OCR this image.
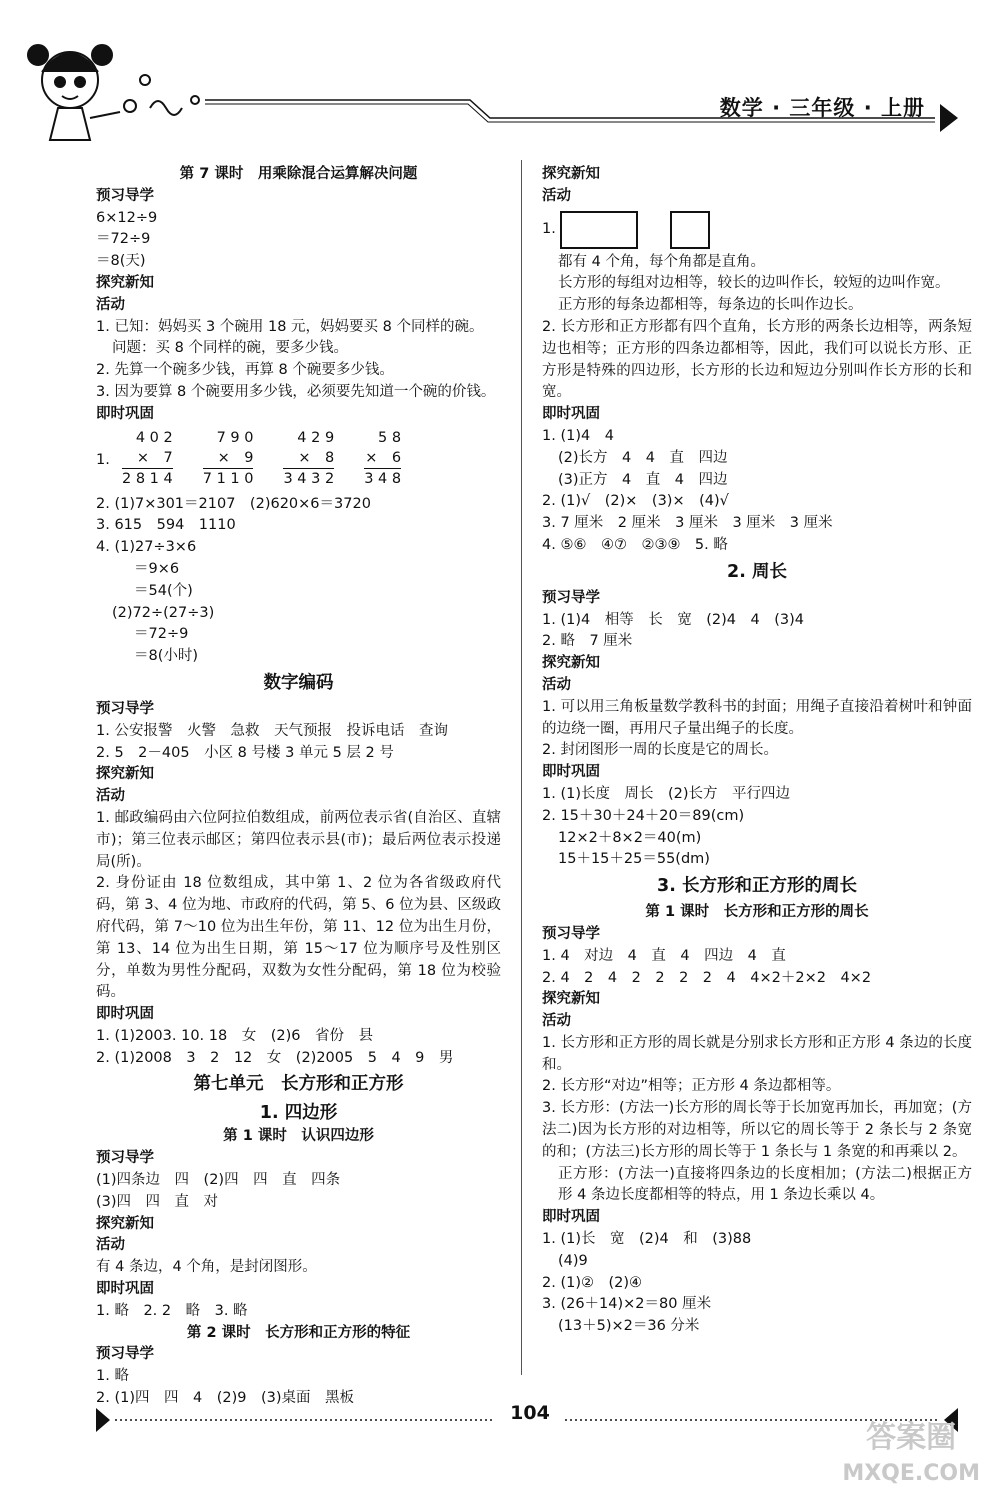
数学 · 三年级 · 上册
第 7 课时　用乘除混合运算解决问题
预习导学
6×12÷9
＝72÷9
＝8(天)
探究新知
活动
1. 已知：妈妈买 3 个碗用 18 元，妈妈要买 8 个同样的碗。
问题：买 8 个同样的碗，要多少钱。
2. 先算一个碗多少钱，再算 8 个碗要多少钱。
3. 因为要算 8 个碗要用多少钱，必须要先知道一个碗的价钱。
即时巩固
1.
4 0 2
×　7
2 8 1 4
7 9 0
×　9
7 1 1 0
4 2 9
×　8
3 4 3 2
5 8
×　6
3 4 8
2. (1)7×301＝2107　(2)620×6＝3720
3. 615　594　1110
4. (1)27÷3×6
＝9×6
＝54(个)
(2)72÷(27÷3)
＝72÷9
＝8(小时)
数字编码
预习导学
1. 公安报警　火警　急救　天气预报　投诉电话　查询
2. 5　2－405　小区 8 号楼 3 单元 5 层 2 号
探究新知
活动
1. 邮政编码由六位阿拉伯数组成，前两位表示省(自治区、直辖市)；第三位表示邮区；第四位表示县(市)；最后两位表示投递局(所)。
2. 身份证由 18 位数组成，其中第 1、2 位为各省级政府代码，第 3、4 位为地、市政府的代码，第 5、6 位为县、区级政府代码，第 7～10 位为出生年份，第 11、12 位为出生月份，第 13、14 位为出生日期，第 15～17 位为顺序号及性别区分，单数为男性分配码，双数为女性分配码，第 18 位为校验码。
即时巩固
1. (1)2003. 10. 18　女　(2)6　省份　县
2. (1)2008　3　2　12　女　(2)2005　5　4　9　男
第七单元　长方形和正方形
1. 四边形
第 1 课时　认识四边形
预习导学
(1)四条边　四　(2)四　四　直　四条
(3)四　四　直　对
探究新知
活动
有 4 条边，4 个角，是封闭图形。
即时巩固
1. 略　2. 2　略　3. 略
第 2 课时　长方形和正方形的特征
预习导学
1. 略
2. (1)四　四　4　(2)9　(3)桌面　黑板
探究新知
活动
1.
都有 4 个角，每个角都是直角。
长方形的每组对边相等，较长的边叫作长，较短的边叫作宽。
正方形的每条边都相等，每条边的长叫作边长。
2. 长方形和正方形都有四个直角，长方形的两条长边相等，两条短边也相等；正方形的四条边都相等，因此，我们可以说长方形、正方形是特殊的四边形，长方形的长边和短边分别叫作长方形的长和宽。
即时巩固
1. (1)4　4
(2)长方　4　4　直　四边
(3)正方　4　直　4　四边
2. (1)√　(2)×　(3)×　(4)√
3. 7 厘米　2 厘米　3 厘米　3 厘米　3 厘米
4. ⑤⑥　④⑦　②③⑨　5. 略
2. 周长
预习导学
1. (1)4　相等　长　宽　(2)4　4　(3)4
2. 略　7 厘米
探究新知
活动
1. 可以用三角板量数学教科书的封面；用绳子直接沿着树叶和钟面的边绕一圈，再用尺子量出绳子的长度。
2. 封闭图形一周的长度是它的周长。
即时巩固
1. (1)长度　周长　(2)长方　平行四边
2. 15＋30＋24＋20＝89(cm)
12×2＋8×2＝40(m)
15＋15＋25＝55(dm)
3. 长方形和正方形的周长
第 1 课时　长方形和正方形的周长
预习导学
1. 4　对边　4　直　4　四边　4　直
2. 4　2　4　2　2　2　2　4　4×2＋2×2　4×2
探究新知
活动
1. 长方形和正方形的周长就是分别求长方形和正方形 4 条边的长度和。
2. 长方形“对边”相等；正方形 4 条边都相等。
3. 长方形：(方法一)长方形的周长等于长加宽再加长，再加宽；(方法二)因为长方形的对边相等，所以它的周长等于 2 条长与 2 条宽的和；(方法三)长方形的周长等于 1 条长与 1 条宽的和再乘以 2。
正方形：(方法一)直接将四条边的长度相加；(方法二)根据正方形 4 条边长度都相等的特点，用 1 条边长乘以 4。
即时巩固
1. (1)长　宽　(2)4　和　(3)88
(4)9
2. (1)②　(2)④
3. (26＋14)×2＝80 厘米
(13＋5)×2＝36 分米
104
答案圈
MXQE.COM
